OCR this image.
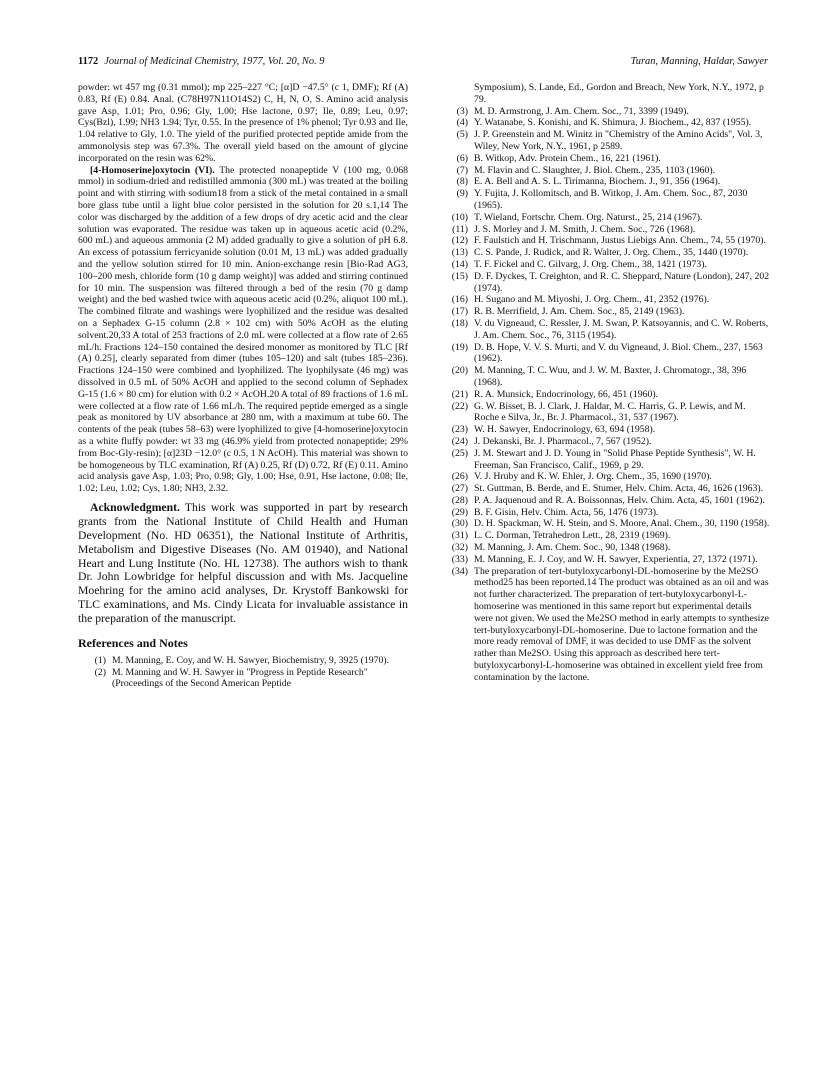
1172 Journal of Medicinal Chemistry, 1977, Vol. 20, No. 9	Turan, Manning, Haldar, Sawyer

powder: wt 457 mg (0.31 mmol); mp 225–227 °C; [α]D −47.5° (c 1, DMF); Rf (A) 0.83, Rf (E) 0.84. Anal. (C78H97N11O14S2) C, H, N, O, S. Amino acid analysis gave Asp, 1.01; Pro, 0.96; Gly, 1.00; Hse lactone, 0.97; Ile, 0.89; Leu, 0.97; Cys(Bzl), 1.99; NH3 1.94; Tyr, 0.55. In the presence of 1% phenol; Tyr 0.93 and Ile, 1.04 relative to Gly, 1.0. The yield of the purified protected peptide amide from the ammonolysis step was 67.3%. The overall yield based on the amount of glycine incorporated on the resin was 62%.

[4-Homoserine]oxytocin (VI). The protected nonapeptide V (100 mg, 0.068 mmol) in sodium-dried and redistilled ammonia (300 mL) was treated at the boiling point and with stirring with sodium18 from a stick of the metal contained in a small bore glass tube until a light blue color persisted in the solution for 20 s.1,14 The color was discharged by the addition of a few drops of dry acetic acid and the clear solution was evaporated. The residue was taken up in aqueous acetic acid (0.2%, 600 mL) and aqueous ammonia (2 M) added gradually to give a solution of pH 6.8. An excess of potassium ferricyanide solution (0.01 M, 13 mL) was added gradually and the yellow solution stirred for 10 min. Anion-exchange resin [Bio-Rad AG3, 100–200 mesh, chloride form (10 g damp weight)] was added and stirring continued for 10 min. The suspension was filtered through a bed of the resin (70 g damp weight) and the bed washed twice with aqueous acetic acid (0.2%, aliquot 100 mL). The combined filtrate and washings were lyophilized and the residue was desalted on a Sephadex G-15 column (2.8 × 102 cm) with 50% AcOH as the eluting solvent.20,33 A total of 253 fractions of 2.0 mL were collected at a flow rate of 2.65 mL/h. Fractions 124–150 contained the desired monomer as monitored by TLC [Rf (A) 0.25], clearly separated from dimer (tubes 105–120) and salt (tubes 185–236). Fractions 124–150 were combined and lyophilized. The lyophilysate (46 mg) was dissolved in 0.5 mL of 50% AcOH and applied to the second column of Sephadex G-15 (1.6 × 80 cm) for elution with 0.2 × AcOH.20 A total of 89 fractions of 1.6 mL were collected at a flow rate of 1.66 mL/h. The required peptide emerged as a single peak as monitored by UV absorbance at 280 nm, with a maximum at tube 60. The contents of the peak (tubes 58–63) were lyophilized to give [4-homoserine]oxytocin as a white fluffy powder: wt 33 mg (46.9% yield from protected nonapeptide; 29% from Boc-Gly-resin); [α]23D −12.0° (c 0.5, 1 N AcOH). This material was shown to be homogeneous by TLC examination, Rf (A) 0.25, Rf (D) 0.72, Rf (E) 0.11. Amino acid analysis gave Asp, 1.03; Pro, 0.98; Gly, 1.00; Hse, 0.91, Hse lactone, 0.08; Ile, 1.02; Leu, 1.02; Cys, 1.80; NH3, 2.32.

Acknowledgment. This work was supported in part by research grants from the National Institute of Child Health and Human Development (No. HD 06351), the National Institute of Arthritis, Metabolism and Digestive Diseases (No. AM 01940), and National Heart and Lung Institute (No. HL 12738). The authors wish to thank Dr. John Lowbridge for helpful discussion and with Ms. Jacqueline Moehring for the amino acid analyses, Dr. Krystoff Bankowski for TLC examinations, and Ms. Cindy Licata for invaluable assistance in the preparation of the manuscript.

References and Notes
(1) M. Manning, E. Coy, and W. H. Sawyer, Biochemistry, 9, 3925 (1970).
(2) M. Manning and W. H. Sawyer in "Progress in Peptide Research" (Proceedings of the Second American Peptide
Symposium), S. Lande, Ed., Gordon and Breach, New York, N.Y., 1972, p 79.
(3) M. D. Armstrong, J. Am. Chem. Soc., 71, 3399 (1949).
(4) Y. Watanabe, S. Konishi, and K. Shimura, J. Biochem., 42, 837 (1955).
(5) J. P. Greenstein and M. Winitz in "Chemistry of the Amino Acids", Vol. 3, Wiley, New York, N.Y., 1961, p 2589.
(6) B. Witkop, Adv. Protein Chem., 16, 221 (1961).
(7) M. Flavin and C. Slaughter, J. Biol. Chem., 235, 1103 (1960).
(8) E. A. Bell and A. S. L. Tirimanna, Biochem. J., 91, 356 (1964).
(9) Y. Fujita, J. Kollomitsch, and B. Witkop, J. Am. Chem. Soc., 87, 2030 (1965).
(10) T. Wieland, Fortschr. Chem. Org. Naturst., 25, 214 (1967).
(11) J. S. Morley and J. M. Smith, J. Chem. Soc., 726 (1968).
(12) F. Faulstich and H. Trischmann, Justus Liebigs Ann. Chem., 74, 55 (1970).
(13) C. S. Pande, J. Rudick, and R. Walter, J. Org. Chem., 35, 1440 (1970).
(14) T. F. Fickel and C. Gilvarg, J. Org. Chem., 38, 1421 (1973).
(15) D. F. Dyckes, T. Creighton, and R. C. Sheppard, Nature (London), 247, 202 (1974).
(16) H. Sugano and M. Miyoshi, J. Org. Chem., 41, 2352 (1976).
(17) R. B. Merrifield, J. Am. Chem. Soc., 85, 2149 (1963).
(18) V. du Vigneaud, C. Ressler, J. M. Swan, P. Katsoyannis, and C. W. Roberts, J. Am. Chem. Soc., 76, 3115 (1954).
(19) D. B. Hope, V. V. S. Murti, and V. du Vigneaud, J. Biol. Chem., 237, 1563 (1962).
(20) M. Manning, T. C. Wuu, and J. W. M. Baxter, J. Chromatogr., 38, 396 (1968).
(21) R. A. Munsick, Endocrinology, 66, 451 (1960).
(22) G. W. Bisset, B. J. Clark, J. Haldar, M. C. Harris, G. P. Lewis, and M. Roche e Silva, Jr., Br. J. Pharmacol., 31, 537 (1967).
(23) W. H. Sawyer, Endocrinology, 63, 694 (1958).
(24) J. Dekanski, Br. J. Pharmacol., 7, 567 (1952).
(25) J. M. Stewart and J. D. Young in "Solid Phase Peptide Synthesis", W. H. Freeman, San Francisco, Calif., 1969, p 29.
(26) V. J. Hruby and K. W. Ehler, J. Org. Chem., 35, 1690 (1970).
(27) St. Guttman, B. Berde, and E. Stumer, Helv. Chim. Acta, 46, 1626 (1963).
(28) P. A. Jaquenoud and R. A. Boissonnas, Helv. Chim. Acta, 45, 1601 (1962).
(29) B. F. Gisin, Helv. Chim. Acta, 56, 1476 (1973).
(30) D. H. Spackman, W. H. Stein, and S. Moore, Anal. Chem., 30, 1190 (1958).
(31) L. C. Dorman, Tetrahedron Lett., 28, 2319 (1969).
(32) M. Manning, J. Am. Chem. Soc., 90, 1348 (1968).
(33) M. Manning, E. J. Coy, and W. H. Sawyer, Experientia, 27, 1372 (1971).
(34) The preparation of tert-butyloxycarbonyl-DL-homoserine by the Me2SO method25 has been reported.14 The product was obtained as an oil and was not further characterized. The preparation of tert-butyloxycarbonyl-L-homoserine was mentioned in this same report but experimental details were not given. We used the Me2SO method in early attempts to synthesize tert-butyloxycarbonyl-DL-homoserine. Due to lactone formation and the more ready removal of DMF, it was decided to use DMF as the solvent rather than Me2SO. Using this approach as described here tert-butyloxycarbonyl-L-homoserine was obtained in excellent yield free from contamination by the lactone.
